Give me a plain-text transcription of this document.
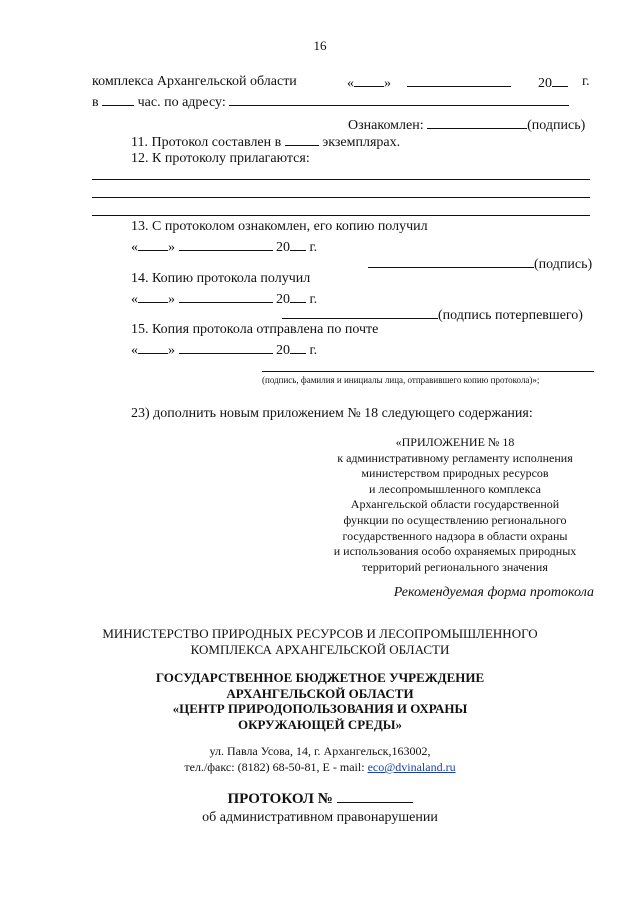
16
комплекса Архангельской области	« »	20	г.
в	час. по адресу:
Ознакомлен:	(подпись)
11. Протокол составлен в	экземплярах.
12. К протоколу прилагаются:
13. С протоколом ознакомлен, его копию получил
« »	20 г.
(подпись)
14. Копию протокола получил
« »	20 г.
(подпись потерпевшего)
15. Копия протокола отправлена по почте
« »	20 г.
(подпись, фамилия и инициалы лица, отправившего копию протокола)»;
23) дополнить новым приложением № 18 следующего содержания:
«ПРИЛОЖЕНИЕ № 18
к административному регламенту исполнения
министерством природных ресурсов
и лесопромышленного комплекса
Архангельской области государственной
функции по осуществлению регионального
государственного надзора в области охраны
и использования особо охраняемых природных
территорий регионального значения
Рекомендуемая форма протокола
МИНИСТЕРСТВО ПРИРОДНЫХ РЕСУРСОВ И ЛЕСОПРОМЫШЛЕННОГО
КОМПЛЕКСА АРХАНГЕЛЬСКОЙ ОБЛАСТИ
ГОСУДАРСТВЕННОЕ БЮДЖЕТНОЕ УЧРЕЖДЕНИЕ
АРХАНГЕЛЬСКОЙ ОБЛАСТИ
«ЦЕНТР ПРИРОДОПОЛЬЗОВАНИЯ И ОХРАНЫ
ОКРУЖАЮЩЕЙ СРЕДЫ»
ул. Павла Усова, 14, г. Архангельск,163002,
тел./факс: (8182) 68-50-81, E - mail: eco@dvinaland.ru
ПРОТОКОЛ №
об административном правонарушении
